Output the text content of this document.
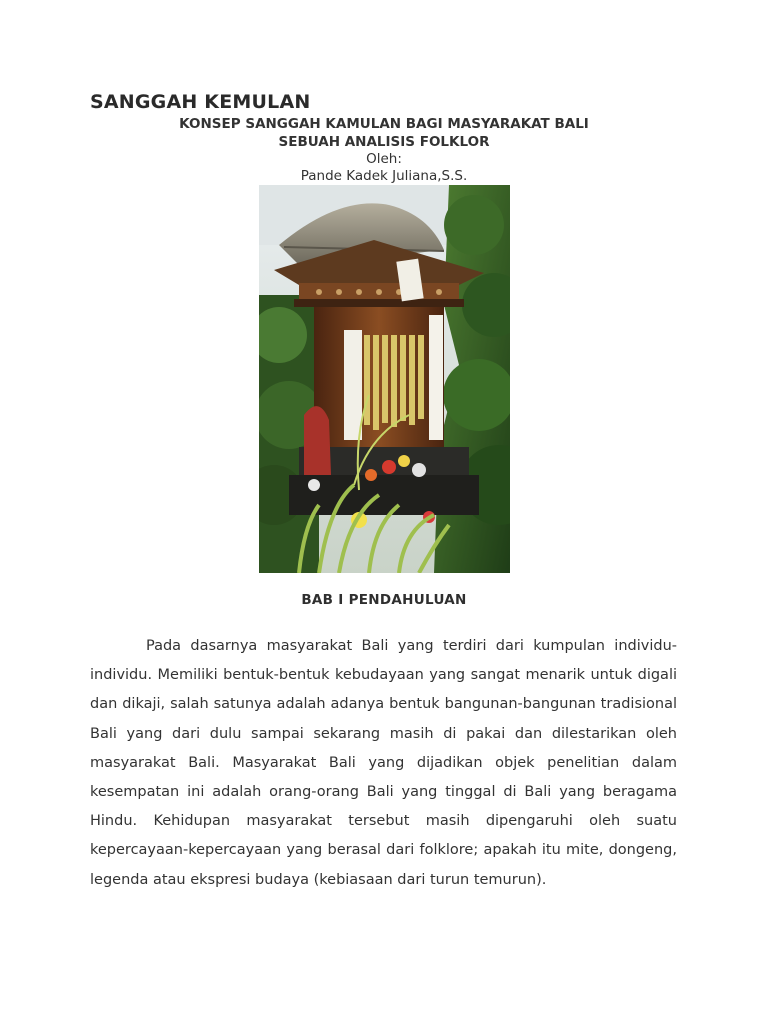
SANGGAH KEMULAN
KONSEP SANGGAH KAMULAN BAGI MASYARAKAT BALI
SEBUAH ANALISIS FOLKLOR
Oleh:
Pande Kadek Juliana,S.S.
BAB I PENDAHULUAN

Pada dasarnya masyarakat Bali yang terdiri dari kumpulan individu-individu. Memiliki bentuk-bentuk kebudayaan yang sangat menarik untuk digali dan dikaji, salah satunya adalah adanya bentuk bangunan-bangunan tradisional Bali yang dari dulu sampai sekarang masih di pakai dan dilestarikan oleh masyarakat Bali. Masyarakat Bali yang dijadikan objek penelitian dalam kesempatan ini adalah orang-orang Bali yang tinggal di Bali yang beragama Hindu. Kehidupan masyarakat tersebut masih dipengaruhi oleh suatu kepercayaan-kepercayaan yang berasal dari folklore; apakah itu mite, dongeng, legenda atau ekspresi budaya (kebiasaan dari turun temurun).
